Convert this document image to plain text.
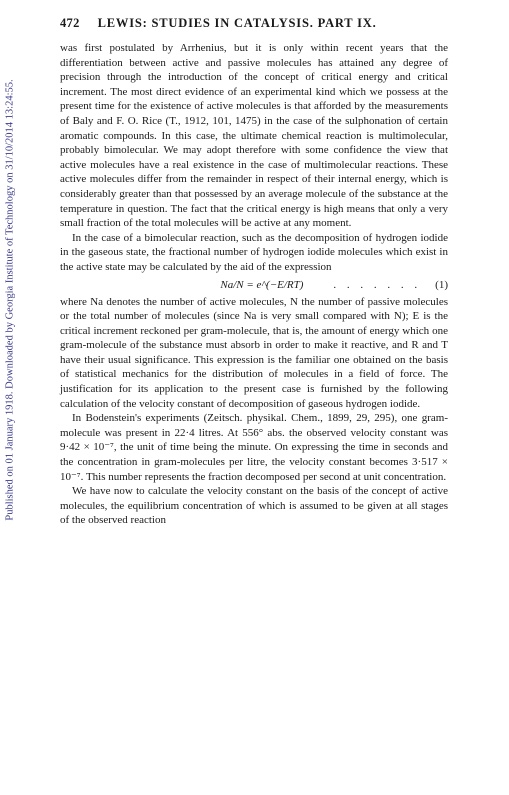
Published on 01 January 1918. Downloaded by Georgia Institute of Technology on 31/10/2014 13:24:55.
472 LEWIS: STUDIES IN CATALYSIS. PART IX.

was first postulated by Arrhenius, but it is only within recent years that the differentiation between active and passive molecules has attained any degree of precision through the introduction of the concept of critical energy and critical increment. The most direct evidence of an experimental kind which we possess at the present time for the existence of active molecules is that afforded by the measurements of Baly and F. O. Rice (T., 1912, 101, 1475) in the case of the sulphonation of certain aromatic compounds. In this case, the ultimate chemical reaction is multimolecular, probably bimolecular. We may adopt therefore with some confidence the view that active molecules have a real existence in the case of multimolecular reactions. These active molecules differ from the remainder in respect of their internal energy, which is considerably greater than that possessed by an average molecule of the substance at the temperature in question. The fact that the critical energy is high means that only a very small fraction of the total molecules will be active at any moment.

In the case of a bimolecular reaction, such as the decomposition of hydrogen iodide in the gaseous state, the fractional number of hydrogen iodide molecules which exist in the active state may be calculated by the aid of the expression

Na/N = e^(−E/RT)	. . . . . . . (1)

where Na denotes the number of active molecules, N the number of passive molecules or the total number of molecules (since Na is very small compared with N); E is the critical increment reckoned per gram-molecule, that is, the amount of energy which one gram-molecule of the substance must absorb in order to make it reactive, and R and T have their usual significance. This expression is the familiar one obtained on the basis of statistical mechanics for the distribution of molecules in a field of force. The justification for its application to the present case is furnished by the following calculation of the velocity constant of decomposition of gaseous hydrogen iodide.

In Bodenstein's experiments (Zeitsch. physikal. Chem., 1899, 29, 295), one gram-molecule was present in 22·4 litres. At 556° abs. the observed velocity constant was 9·42 × 10⁻⁷, the unit of time being the minute. On expressing the time in seconds and the concentration in gram-molecules per litre, the velocity constant becomes 3·517 × 10⁻⁷. This number represents the fraction decomposed per second at unit concentration.

We have now to calculate the velocity constant on the basis of the concept of active molecules, the equilibrium concentration of which is assumed to be given at all stages of the observed reaction
